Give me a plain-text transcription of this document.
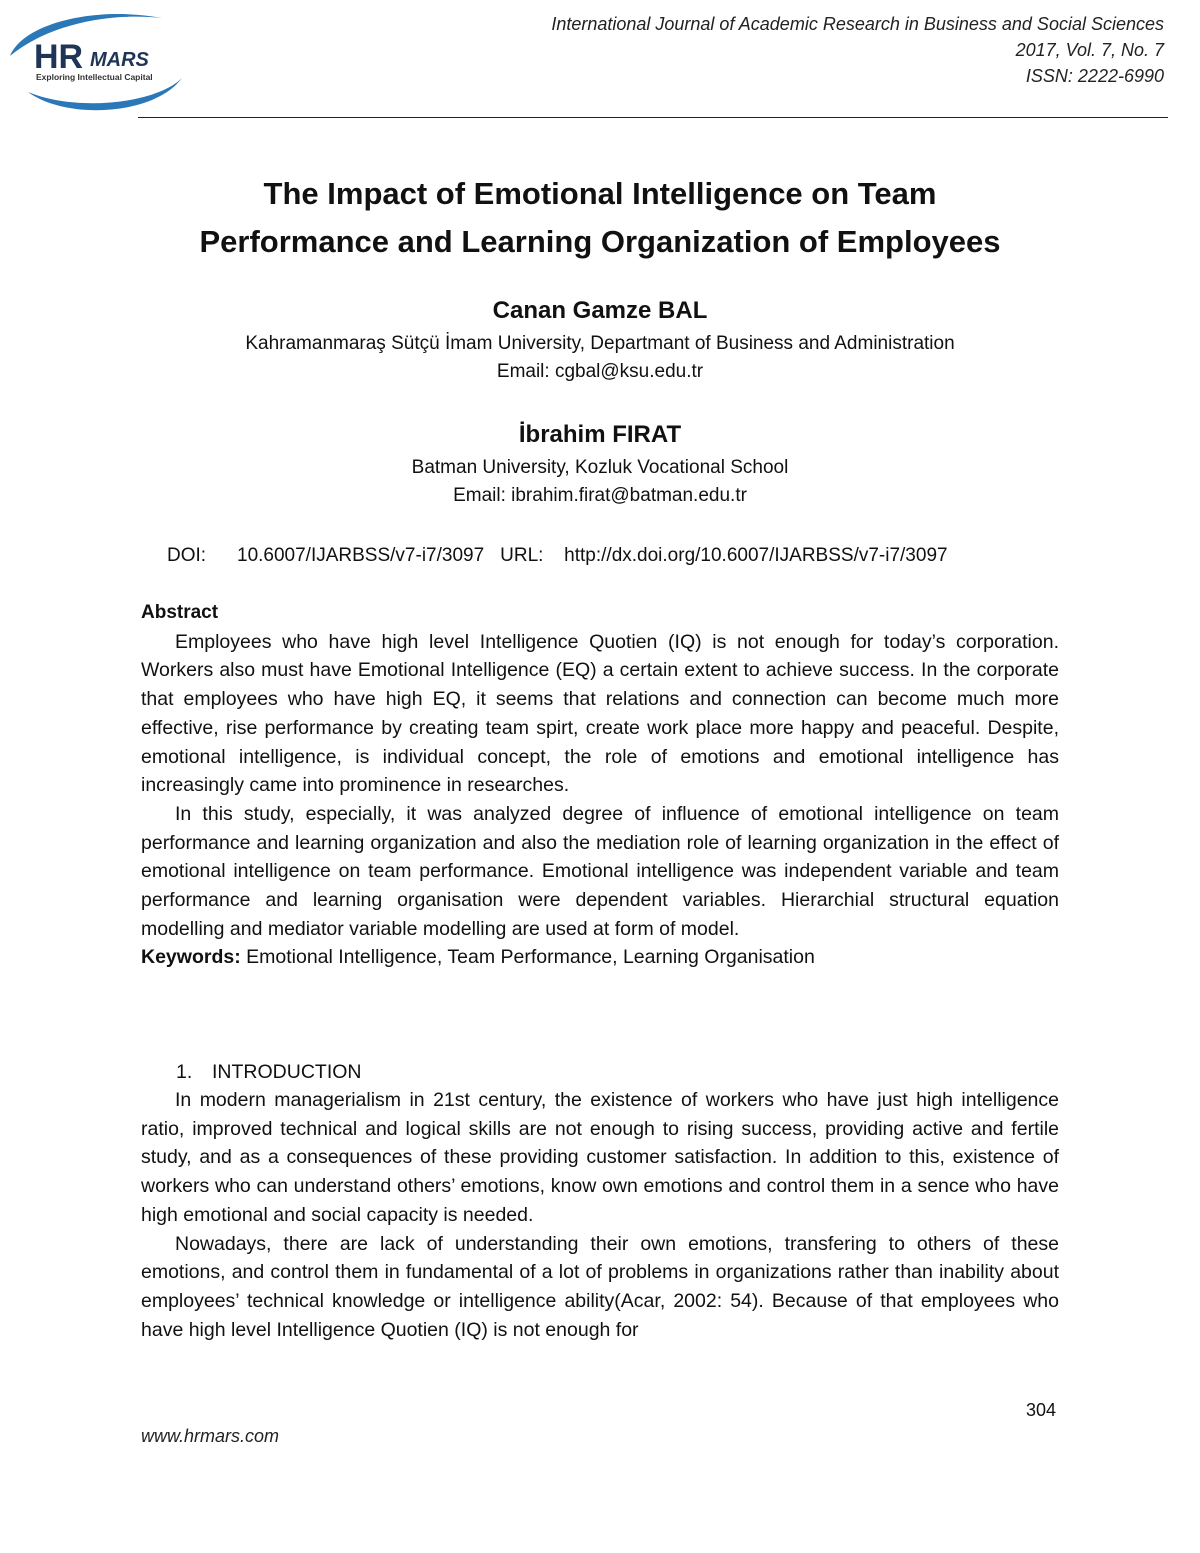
HR MARS
Exploring Intellectual Capital
International Journal of Academic Research in Business and Social Sciences
2017, Vol. 7, No. 7
ISSN: 2222-6990
The Impact of Emotional Intelligence on Team
Performance and Learning Organization of Employees

Canan Gamze BAL

Kahramanmaraş Sütçü İmam University, Departmant of Business and Administration

Email: cgbal@ksu.edu.tr

İbrahim FIRAT

Batman University, Kozluk Vocational School

Email: ibrahim.firat@batman.edu.tr

DOI: 10.6007/IJARBSS/v7-i7/3097 URL: http://dx.doi.org/10.6007/IJARBSS/v7-i7/3097

Abstract

Employees who have high level Intelligence Quotien (IQ) is not enough for today’s corporation. Workers also must have Emotional Intelligence (EQ) a certain extent to achieve success. In the corporate that employees who have high EQ, it seems that relations and connection can become much more effective, rise performance by creating team spirt, create work place more happy and peaceful. Despite, emotional intelligence, is individual concept, the role of emotions and emotional intelligence has increasingly came into prominence in researches.

In this study, especially, it was analyzed degree of influence of emotional intelligence on team performance and learning organization and also the mediation role of learning organization in the effect of emotional intelligence on team performance. Emotional intelligence was independent variable and team performance and learning organisation were dependent variables. Hierarchial structural equation modelling and mediator variable modelling are used at form of model.

Keywords: Emotional Intelligence, Team Performance, Learning Organisation

1. INTRODUCTION

In modern managerialism in 21st century, the existence of workers who have just high intelligence ratio, improved technical and logical skills are not enough to rising success, providing active and fertile study, and as a consequences of these providing customer satisfaction. In addition to this, existence of workers who can understand others’ emotions, know own emotions and control them in a sence who have high emotional and social capacity is needed.

Nowadays, there are lack of understanding their own emotions, transfering to others of these emotions, and control them in fundamental of a lot of problems in organizations rather than inability about employees’ technical knowledge or intelligence ability(Acar, 2002: 54). Because of that employees who have high level Intelligence Quotien (IQ) is not enough for

304
www.hrmars.com
